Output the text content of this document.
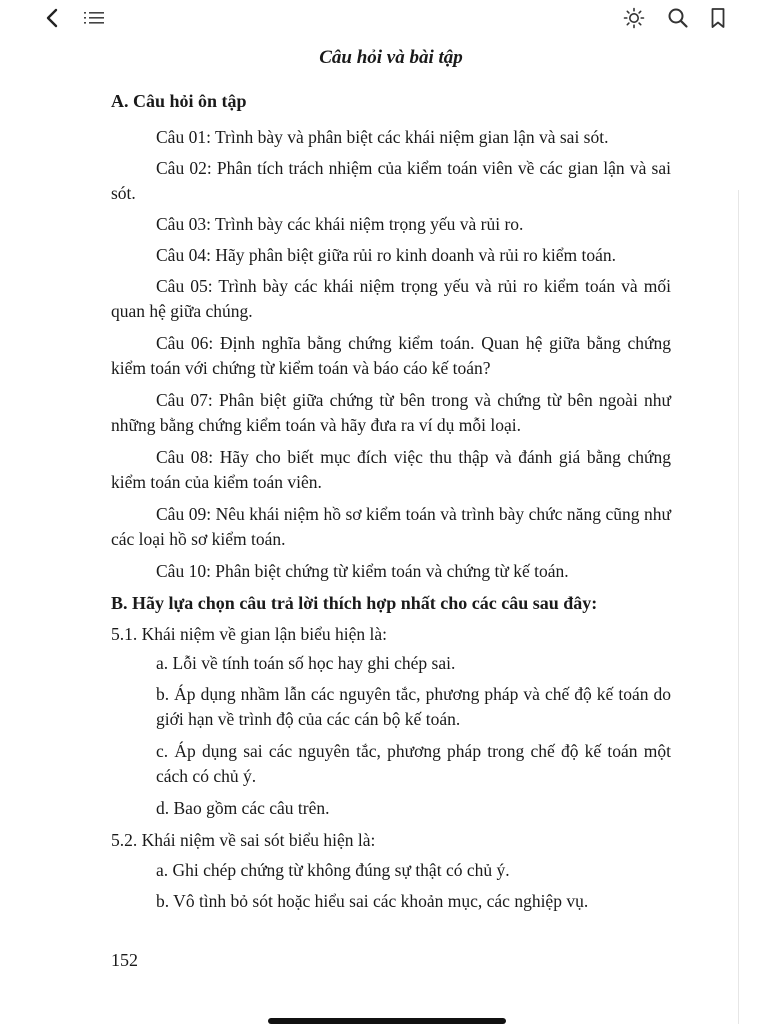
Câu hỏi và bài tập
A. Câu hỏi ôn tập
Câu 01: Trình bày và phân biệt các khái niệm gian lận và sai sót.
Câu 02: Phân tích trách nhiệm của kiểm toán viên về các gian lận và sai sót.
Câu 03: Trình bày các khái niệm trọng yếu và rủi ro.
Câu 04: Hãy phân biệt giữa rủi ro kinh doanh và rủi ro kiểm toán.
Câu 05: Trình bày các khái niệm trọng yếu và rủi ro kiểm toán và mối quan hệ giữa chúng.
Câu 06: Định nghĩa bằng chứng kiểm toán. Quan hệ giữa bằng chứng kiểm toán với chứng từ kiểm toán và báo cáo kế toán?
Câu 07: Phân biệt giữa chứng từ bên trong và chứng từ bên ngoài như những bằng chứng kiểm toán và hãy đưa ra ví dụ mỗi loại.
Câu 08: Hãy cho biết mục đích việc thu thập và đánh giá bằng chứng kiểm toán của kiểm toán viên.
Câu 09: Nêu khái niệm hồ sơ kiểm toán và trình bày chức năng cũng như các loại hồ sơ kiểm toán.
Câu 10: Phân biệt chứng từ kiểm toán và chứng từ kế toán.
B. Hãy lựa chọn câu trả lời thích hợp nhất cho các câu sau đây:
5.1. Khái niệm về gian lận biểu hiện là:
a. Lỗi về tính toán số học hay ghi chép sai.
b. Áp dụng nhầm lẫn các nguyên tắc, phương pháp và chế độ kế toán do giới hạn về trình độ của các cán bộ kế toán.
c. Áp dụng sai các nguyên tắc, phương pháp trong chế độ kế toán một cách có chủ ý.
d. Bao gồm các câu trên.
5.2. Khái niệm về sai sót biểu hiện là:
a. Ghi chép chứng từ không đúng sự thật có chủ ý.
b. Vô tình bỏ sót hoặc hiểu sai các khoản mục, các nghiệp vụ.
152
